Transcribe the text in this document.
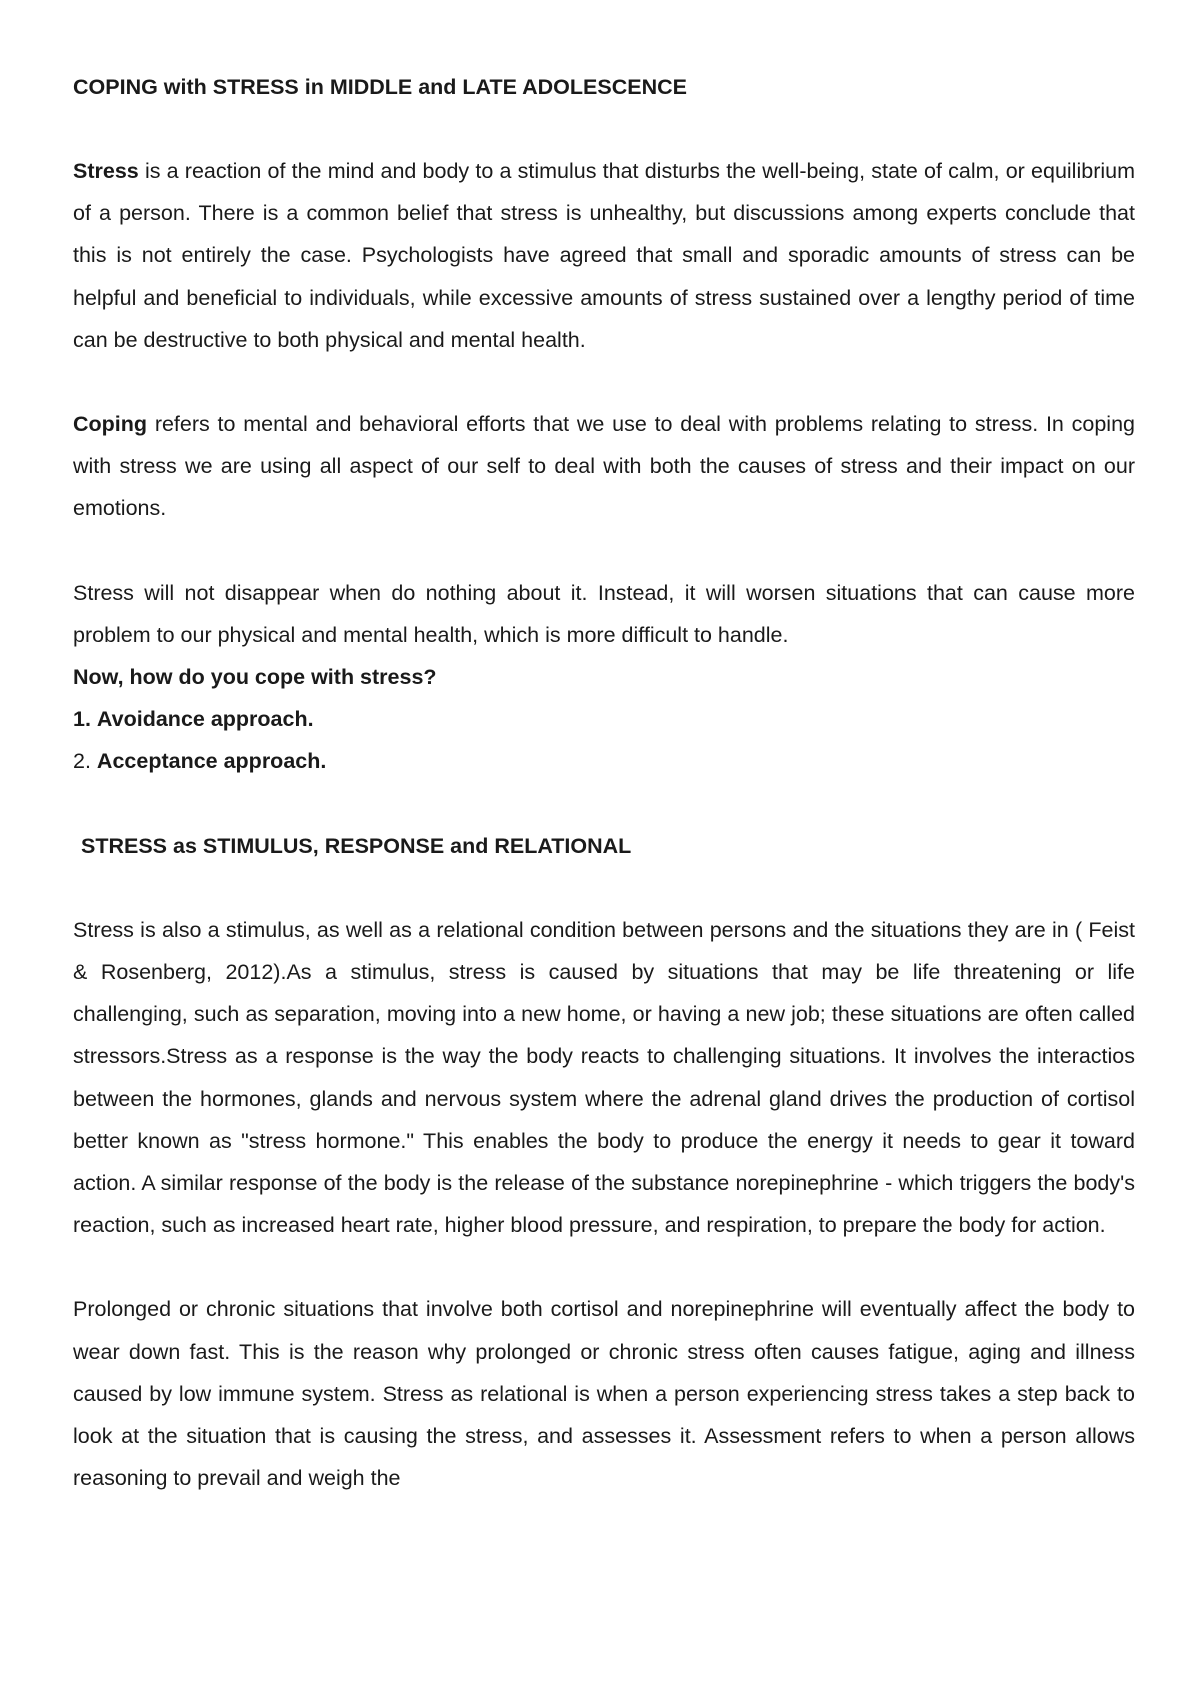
COPING with STRESS in MIDDLE and LATE ADOLESCENCE

Stress is a reaction of the mind and body to a stimulus that disturbs the well-being, state of calm, or equilibrium of a person. There is a common belief that stress is unhealthy, but discussions among experts conclude that this is not entirely the case. Psychologists have agreed that small and sporadic amounts of stress can be helpful and beneficial to individuals, while excessive amounts of stress sustained over a lengthy period of time can be destructive to both physical and mental health.

Coping refers to mental and behavioral efforts that we use to deal with problems relating to stress. In coping with stress we are using all aspect of our self to deal with both the causes of stress and their impact on our emotions.

Stress will not disappear when do nothing about it. Instead, it will worsen situations that can cause more problem to our physical and mental health, which is more difficult to handle.

Now, how do you cope with stress?

1. Avoidance approach.

2. Acceptance approach.

STRESS as STIMULUS, RESPONSE and RELATIONAL

Stress is also a stimulus, as well as a relational condition between persons and the situations they are in ( Feist & Rosenberg, 2012).As a stimulus, stress is caused by situations that may be life threatening or life challenging, such as separation, moving into a new home, or having a new job; these situations are often called stressors.Stress as a response is the way the body reacts to challenging situations. It involves the interactios between the hormones, glands and nervous system where the adrenal gland drives the production of cortisol better known as "stress hormone." This enables the body to produce the energy it needs to gear it toward action. A similar response of the body is the release of the substance norepinephrine - which triggers the body's reaction, such as increased heart rate, higher blood pressure, and respiration, to prepare the body for action.

Prolonged or chronic situations that involve both cortisol and norepinephrine will eventually affect the body to wear down fast. This is the reason why prolonged or chronic stress often causes fatigue, aging and illness caused by low immune system. Stress as relational is when a person experiencing stress takes a step back to look at the situation that is causing the stress, and assesses it. Assessment refers to when a person allows reasoning to prevail and weigh the
